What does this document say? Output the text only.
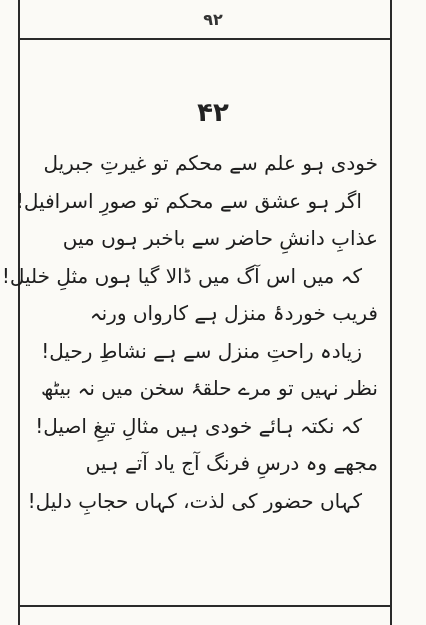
۹۲
۴۲
خودی ہو علم سے محکم تو غیرتِ جبریل
اگر ہو عشق سے محکم تو صورِ اسرافیل!
عذابِ دانشِ حاضر سے باخبر ہوں میں
کہ میں اس آگ میں ڈالا گیا ہوں مثلِ خلیل!
فریب خوردۂ منزل ہے کارواں ورنہ
زیادہ راحتِ منزل سے ہے نشاطِ رحیل!
نظر نہیں تو مرے حلقۂ سخن میں نہ بیٹھ
کہ نکتہ ہائے خودی ہیں مثالِ تیغِ اصیل!
مجھے وہ درسِ فرنگ آج یاد آتے ہیں
کہاں حضور کی لذت، کہاں حجابِ دلیل!
